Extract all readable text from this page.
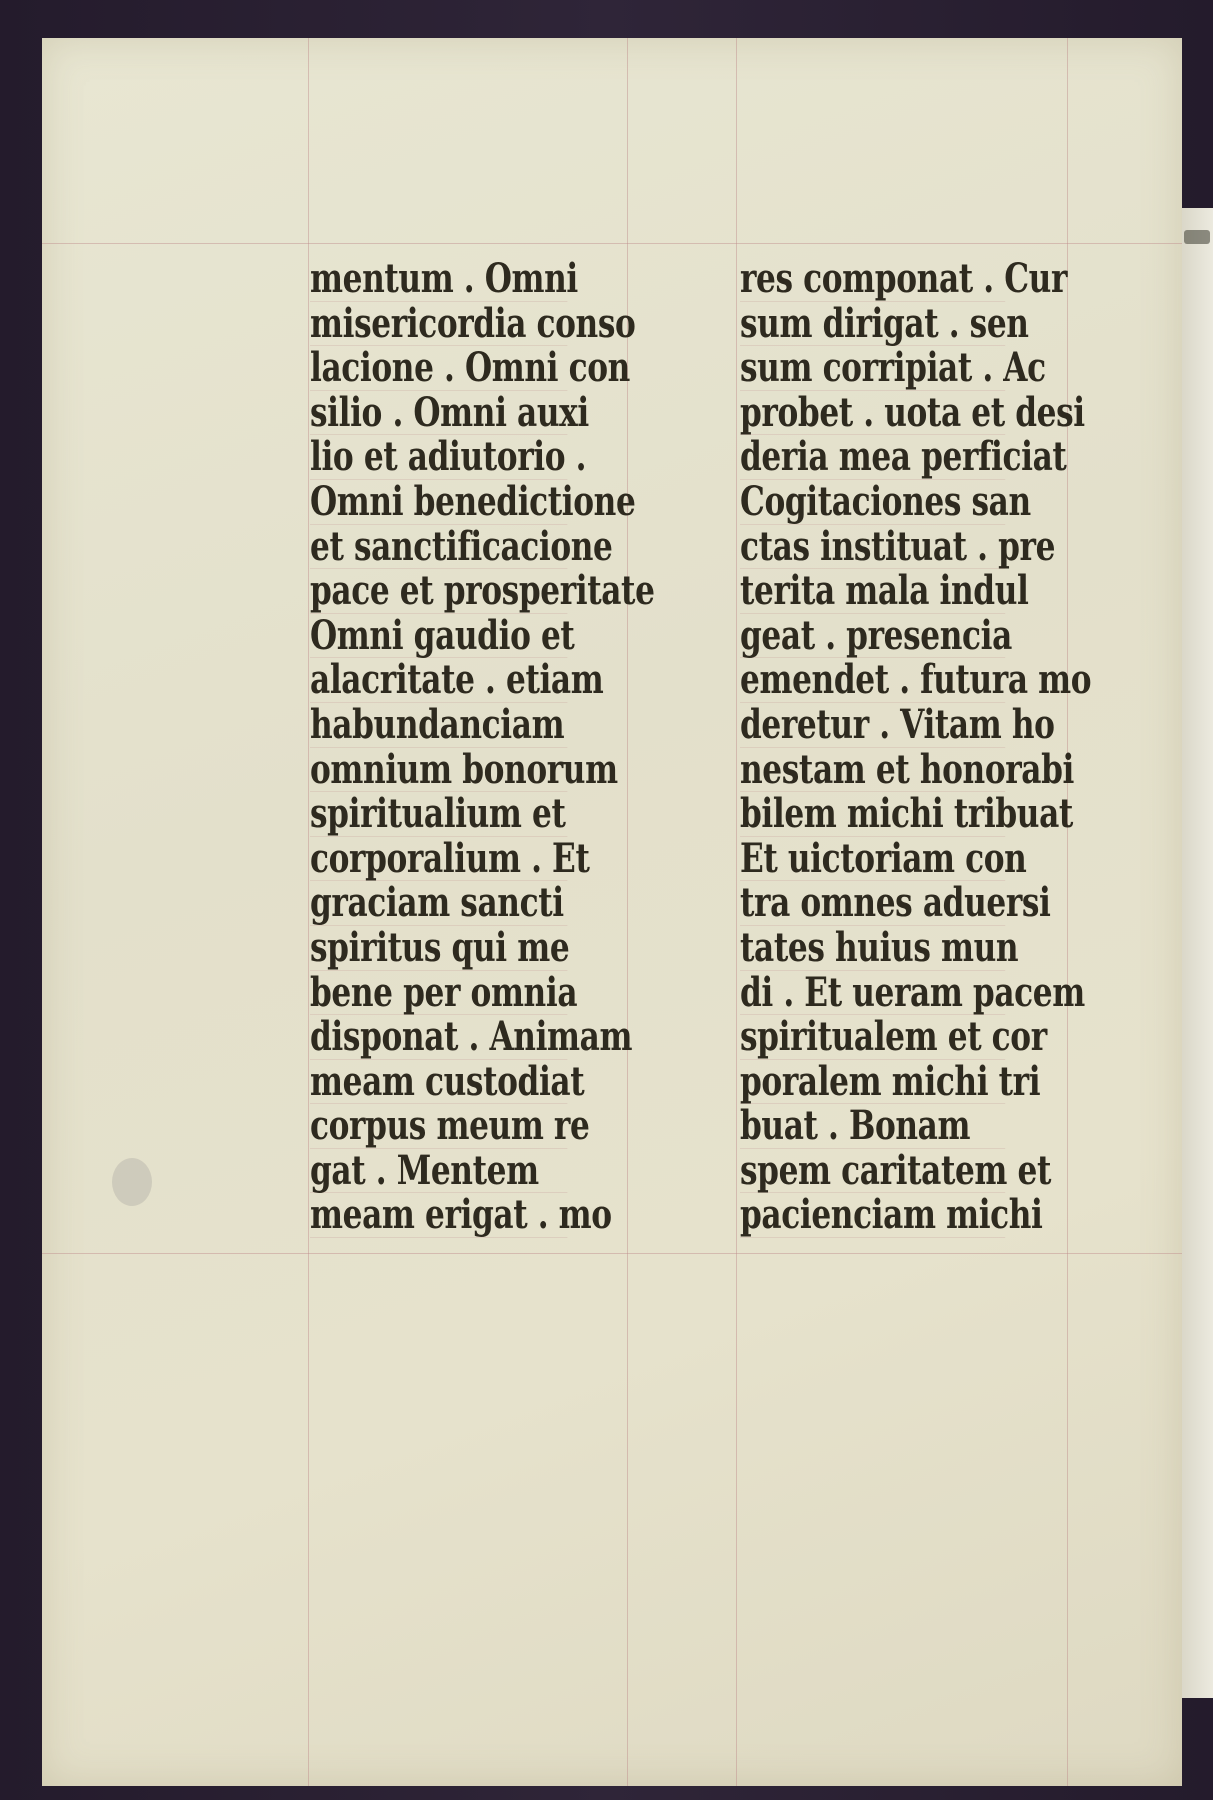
mentum . Omni
misericordia conso
lacione . Omni con
silio . Omni auxi
lio et adiutorio .
Omni benedictione
et sanctificacione
pace et prosperitate
Omni gaudio et
alacritate . etiam
habundanciam
omnium bonorum
spiritualium et
corporalium . Et
graciam sancti
spiritus qui me
bene per omnia
disponat . Animam
meam custodiat
corpus meum re
gat . Mentem
meam erigat . mo
res componat . Cur
sum dirigat . sen
sum corripiat . Ac
probet . uota et desi
deria mea perficiat
Cogitaciones san
ctas instituat . pre
terita mala indul
geat . presencia
emendet . futura mo
deretur . Vitam ho
nestam et honorabi
bilem michi tribuat
Et uictoriam con
tra omnes aduersi
tates huius mun
di . Et ueram pacem
spiritualem et cor
poralem michi tri
buat . Bonam
spem caritatem et
pacienciam michi
